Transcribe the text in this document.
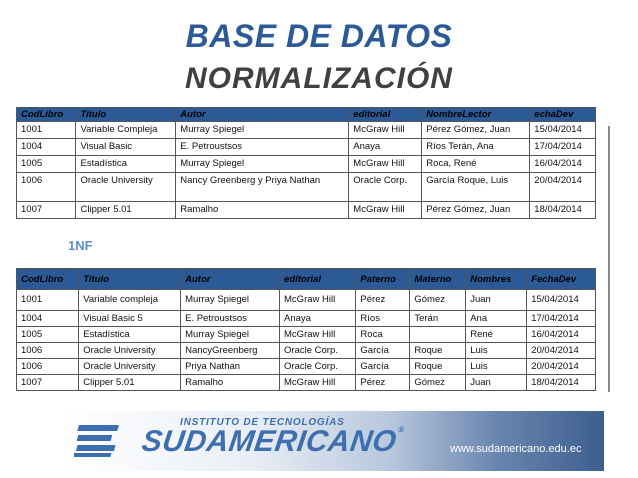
BASE DE DATOS
NORMALIZACIÓN
CodLibro	Titulo	Autor	editorial	NombreLector	echaDev
1001	Variable Compleja	Murray Spiegel	McGraw Hill	Pérez Gómez, Juan	15/04/2014
1004	Visual Basic	E. Petroustsos	Anaya	Ríos Terán, Ana	17/04/2014
1005	Estadística	Murray Spiegel	McGraw Hill	Roca, René	16/04/2014
1006	Oracle University	Nancy Greenberg y Priya Nathan	Oracle Corp.	García Roque, Luis	20/04/2014
1007	Clipper 5.01	Ramalho	McGraw Hill	Pérez Gómez, Juan	18/04/2014
1NF
CodLibro	Titulo	Autor	editorial	Paterno	Materno	Nombres	FechaDev
1001	Variable compleja	Murray Spiegel	McGraw Hill	Pérez	Gómez	Juan	15/04/2014
1004	Visual Basic 5	E. Petroustsos	Anaya	Ríos	Terán	Ana	17/04/2014
1005	Estadística	Murray Spiegel	McGraw Hill	Roca		René	16/04/2014
1006	Oracle University	NancyGreenberg	Oracle Corp.	García	Roque	Luis	20/04/2014
1006	Oracle University	Priya Nathan	Oracle Corp.	García	Roque	Luis	20/04/2014
1007	Clipper 5.01	Ramalho	McGraw Hill	Pérez	Gómez	Juan	18/04/2014
INSTITUTO DE TECNOLOGÍAS
SUDAMERICANO®
www.sudamericano.edu.ec
